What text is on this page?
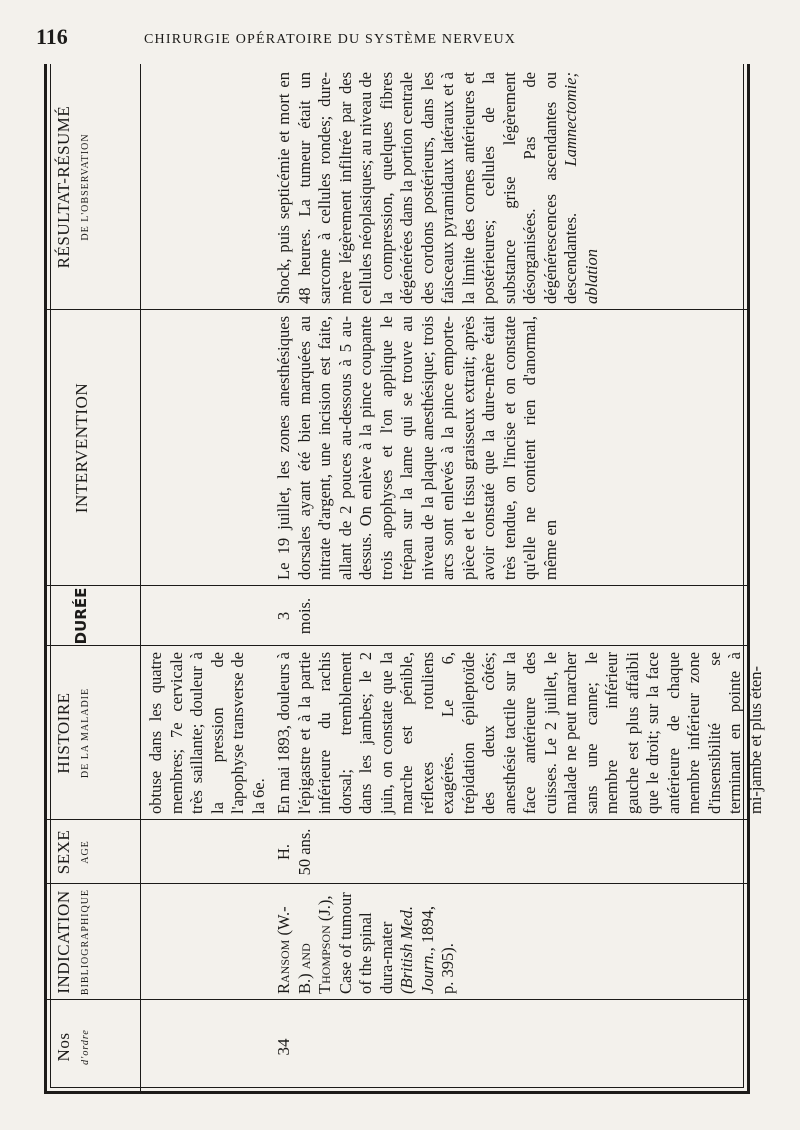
116	CHIRURGIE OPÉRATOIRE DU SYSTÈME NERVEUX
Nos d'ordre
INDICATION BIBLIOGRAPHIQUE
SEXE AGE
HISTOIRE DE LA MALADIE
DURÉE
INTERVENTION
RÉSULTAT-RÉSUMÉ DE L'OBSERVATION
obtuse dans les quatre membres; 7e cervicale très saillante; douleur à la pression de l'apophyse transverse de la 6e.
34
Ransom (W.-B.) and Thompson (J.), Case of tumour of the spinal dura-mater (British Med. Journ., 1894, p. 395).
H. 50 ans.
En mai 1893, douleurs à l'épigastre et à la partie inférieure du rachis dorsal; tremblement dans les jambes; le 2 juin, on constate que la marche est pénible, réflexes rotuliens exagérés. Le 6, trépidation épileptoïde des deux côtés; anesthésie tactile sur la face antérieure des cuisses. Le 2 juillet, le malade ne peut marcher sans une canne; le membre inférieur gauche est plus affaibli que le droit; sur la face antérieure de chaque membre inférieur zone d'insensibilité se terminant en pointe à mi-jambe et plus éten-
3 mois.
Le 19 juillet, les zones anesthésiques dorsales ayant été bien marquées au nitrate d'argent, une incision est faite, allant de 2 pouces au-dessous à 5 au-dessus. On enlève à la pince coupante trois apophyses et l'on applique le trépan sur la lame qui se trouve au niveau de la plaque anesthésique; trois arcs sont enlevés à la pince emporte-pièce et le tissu graisseux extrait; après avoir constaté que la dure-mère était très tendue, on l'incise et on constate qu'elle ne contient rien d'anormal, même en
Shock, puis septicémie et mort en 48 heures. La tumeur était un sarcome à cellules rondes; dure-mère légèrement infiltrée par des cellules néoplasiques; au niveau de la compression, quelques fibres dégénérées dans la portion centrale des cordons postérieurs, dans les faisceaux pyramidaux latéraux et à la limite des cornes antérieures et postérieures; cellules de la substance grise légèrement désorganisées. Pas de dégénérescences ascendantes ou descendantes. Lamnectomie; ablation
